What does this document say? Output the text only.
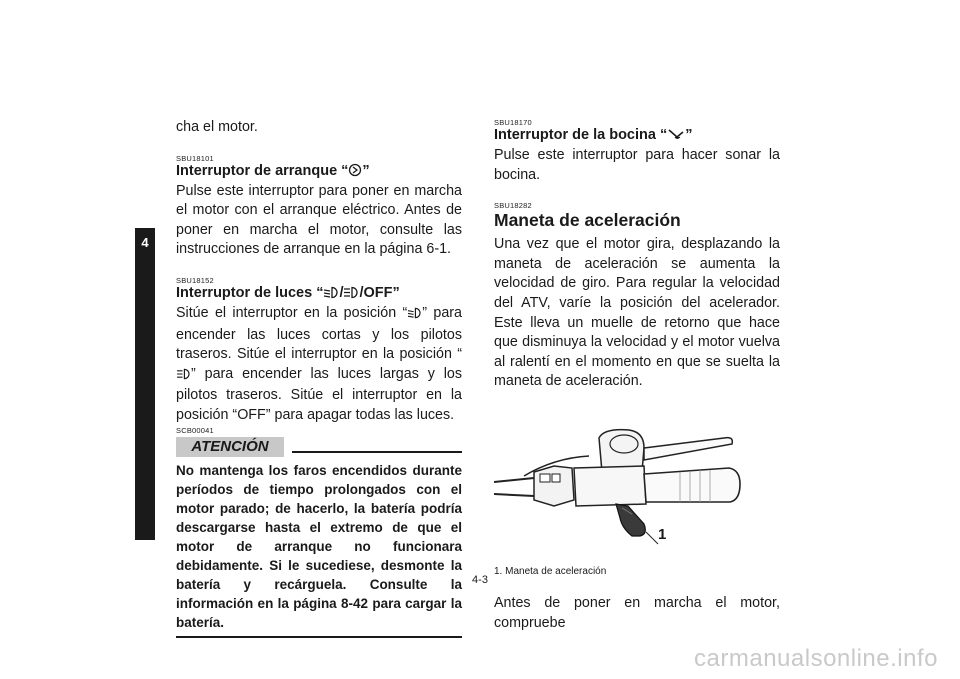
4

cha el motor.

SBU18101
Interruptor de arranque “ ”

Pulse este interruptor para poner en marcha el motor con el arranque eléctrico. Antes de poner en marcha el motor, consulte las instrucciones de arranque en la página 6-1.

SBU18152
Interruptor de luces “ / /OFF”

Sitúe el interruptor en la posición “ ” para encender las luces cortas y los pilotos traseros. Sitúe el interruptor en la posición “” para encender las luces largas y los pilotos traseros. Sitúe el interruptor en la posición “OFF” para apagar todas las luces.

SCB00041
ATENCIÓN

No mantenga los faros encendidos durante períodos de tiempo prolongados con el motor parado; de hacerlo, la batería podría descargarse hasta el extremo de que el motor de arranque no funcionara debidamente. Si le sucediese, desmonte la batería y recárguela. Consulte la información en la página 8-42 para cargar la batería.

SBU18170
Interruptor de la bocina “ ”

Pulse este interruptor para hacer sonar la bocina.

SBU18282
Maneta de aceleración

Una vez que el motor gira, desplazando la maneta de aceleración se aumenta la velocidad de giro. Para regular la velocidad del ATV, varíe la posición del acelerador. Este lleva un muelle de retorno que hace que disminuya la velocidad y el motor vuelva al ralentí en el momento en que se suelta la maneta de aceleración.

1
1. Maneta de aceleración

Antes de poner en marcha el motor, compruebe

4-3
carmanualsonline.info
